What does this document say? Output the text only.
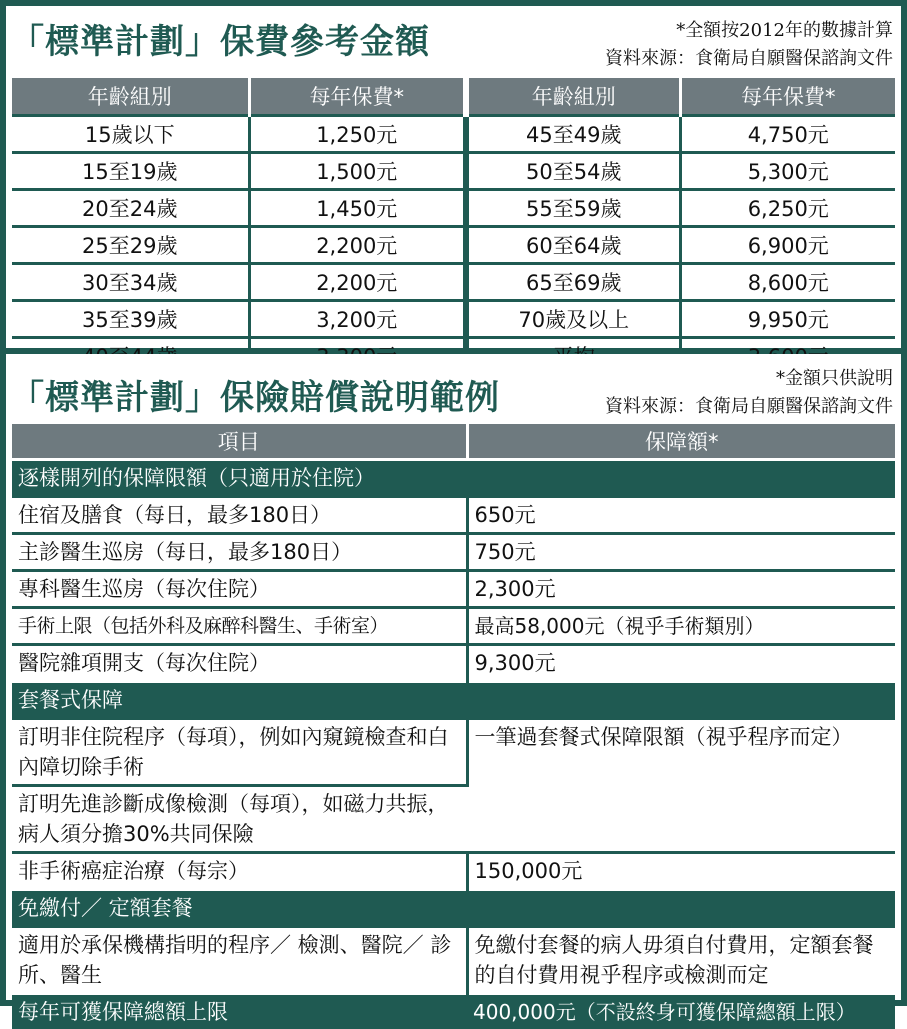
「標準計劃」保費參考金額	*全額按2012年的數據計算
資料來源：食衛局自願醫保諮詢文件
年齡組別	每年保費*	年齡組別	每年保費*
15歲以下	1,250元	45至49歲	4,750元
15至19歲	1,500元	50至54歲	5,300元
20至24歲	1,450元	55至59歲	6,250元
25至29歲	2,200元	60至64歲	6,900元
30至34歲	2,200元	65至69歲	8,600元
35至39歲	3,200元	70歲及以上	9,950元

「標準計劃」保險賠償說明範例	*金額只供說明
資料來源：食衛局自願醫保諮詢文件
項目	保障額*
逐樣開列的保障限額（只適用於住院）	
住宿及膳食（每日，最多180日）	650元
主診醫生巡房（每日，最多180日）	750元
專科醫生巡房（每次住院）	2,300元
手術上限（包括外科及麻醉科醫生、手術室）	最高58,000元（視乎手術類別）
醫院雜項開支（每次住院）	9,300元
套餐式保障	
訂明非住院程序（每項），例如內窺鏡檢查和白內障切除手術	一筆過套餐式保障限額（視乎程序而定）
訂明先進診斷成像檢測（每項），如磁力共振，病人須分擔30%共同保險	
非手術癌症治療（每宗）	150,000元
免繳付／ 定額套餐	
適用於承保機構指明的程序／ 檢測、醫院／ 診所、醫生	免繳付套餐的病人毋須自付費用，定額套餐的自付費用視乎程序或檢測而定
每年可獲保障總額上限	400,000元（不設終身可獲保障總額上限）
